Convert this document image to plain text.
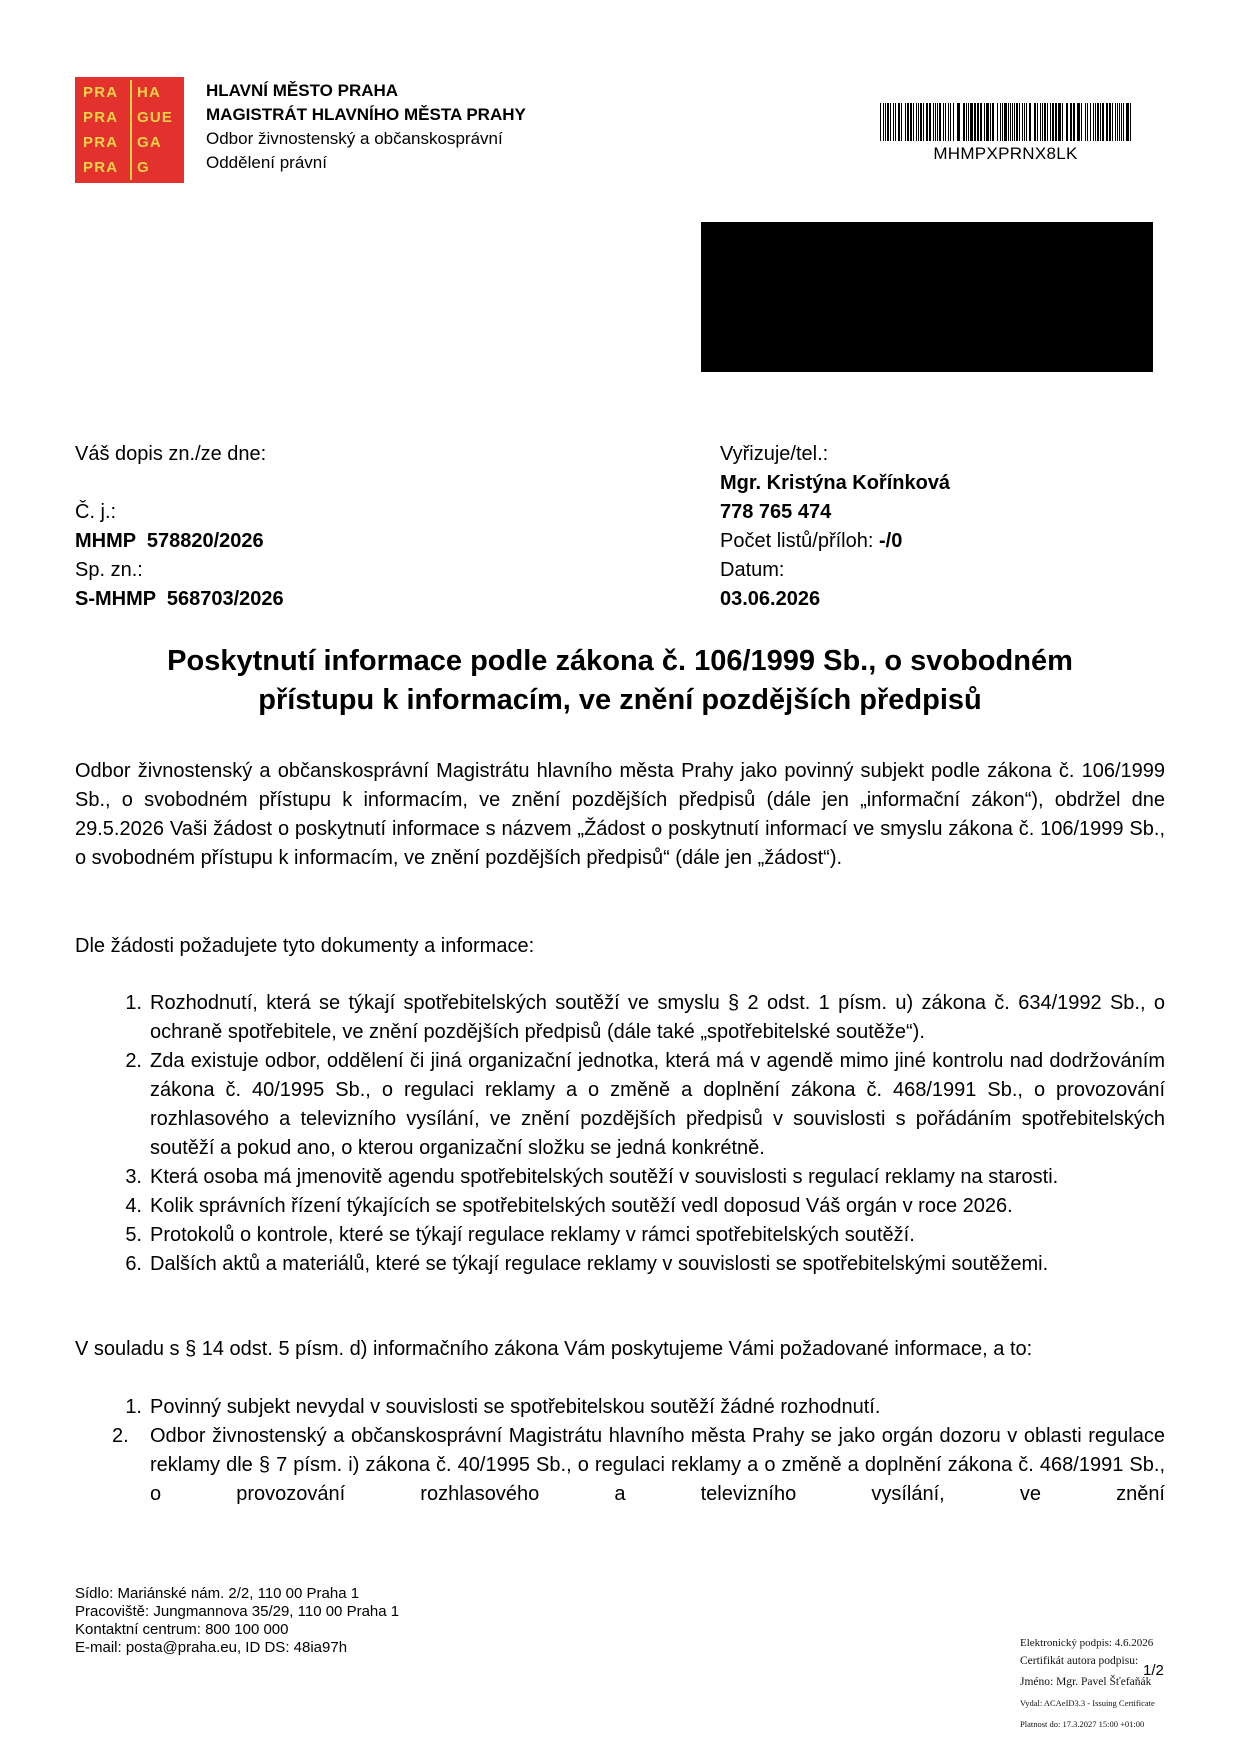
PRA HA
PRA GUE
PRA GA
PRA G
HLAVNÍ MĚSTO PRAHA
MAGISTRÁT HLAVNÍHO MĚSTA PRAHY
Odbor živnostenský a občanskosprávní
Oddělení právní	MHMPXPRNX8LK
Váš dopis zn./ze dne:
Č. j.:
MHMP  578820/2026
Sp. zn.:
S-MHMP  568703/2026
Vyřizuje/tel.:
Mgr. Kristýna Kořínková
778 765 474
Počet listů/příloh: -/0
Datum:
03.06.2026
Poskytnutí informace podle zákona č. 106/1999 Sb., o svobodném
přístupu k informacím, ve znění pozdějších předpisů

Odbor živnostenský a občanskosprávní Magistrátu hlavního města Prahy jako povinný subjekt podle zákona č. 106/1999 Sb., o svobodném přístupu k informacím, ve znění pozdějších předpisů (dále jen „informační zákon“), obdržel dne 29.5.2026 Vaši žádost o poskytnutí informace s názvem „Žádost o poskytnutí informací ve smyslu zákona č. 106/1999 Sb., o svobodném přístupu k informacím, ve znění pozdějších předpisů“ (dále jen „žádost“).

Dle žádosti požadujete tyto dokumenty a informace:
1. Rozhodnutí, která se týkají spotřebitelských soutěží ve smyslu § 2 odst. 1 písm. u) zákona č. 634/1992 Sb., o ochraně spotřebitele, ve znění pozdějších předpisů (dále také „spotřebitelské soutěže“).
2. Zda existuje odbor, oddělení či jiná organizační jednotka, která má v agendě mimo jiné kontrolu nad dodržováním zákona č. 40/1995 Sb., o regulaci reklamy a o změně a doplnění zákona č. 468/1991 Sb., o provozování rozhlasového a televizního vysílání, ve znění pozdějších předpisů v souvislosti s pořádáním spotřebitelských soutěží a pokud ano, o kterou organizační složku se jedná konkrétně.
3. Která osoba má jmenovitě agendu spotřebitelských soutěží v souvislosti s regulací reklamy na starosti.
4. Kolik správních řízení týkajících se spotřebitelských soutěží vedl doposud Váš orgán v roce 2026.
5. Protokolů o kontrole, které se týkají regulace reklamy v rámci spotřebitelských soutěží.
6. Dalších aktů a materiálů, které se týkají regulace reklamy v souvislosti se spotřebitelskými soutěžemi.
V souladu s § 14 odst. 5 písm. d) informačního zákona Vám poskytujeme Vámi požadované informace, a to:
1. Povinný subjekt nevydal v souvislosti se spotřebitelskou soutěží žádné rozhodnutí.
2.	Odbor živnostenský a občanskosprávní Magistrátu hlavního města Prahy se jako orgán dozoru v oblasti regulace reklamy dle § 7 písm. i) zákona č. 40/1995 Sb., o regulaci reklamy a o změně a doplnění zákona č. 468/1991 Sb., o provozování rozhlasového a televizního vysílání, ve znění
Sídlo: Mariánské nám. 2/2, 110 00 Praha 1
Pracoviště: Jungmannova 35/29, 110 00 Praha 1
Kontaktní centrum: 800 100 000
E-mail: posta@praha.eu, ID DS: 48ia97h	Elektronický podpis: 4.6.2026
Certifikát autora podpisu:
Jméno: Mgr. Pavel Šťefaňák
Vydal: ACAeID3.3 - Issuing Certificate
Platnost do: 17.3.2027 15:00 +01:00
1/2
